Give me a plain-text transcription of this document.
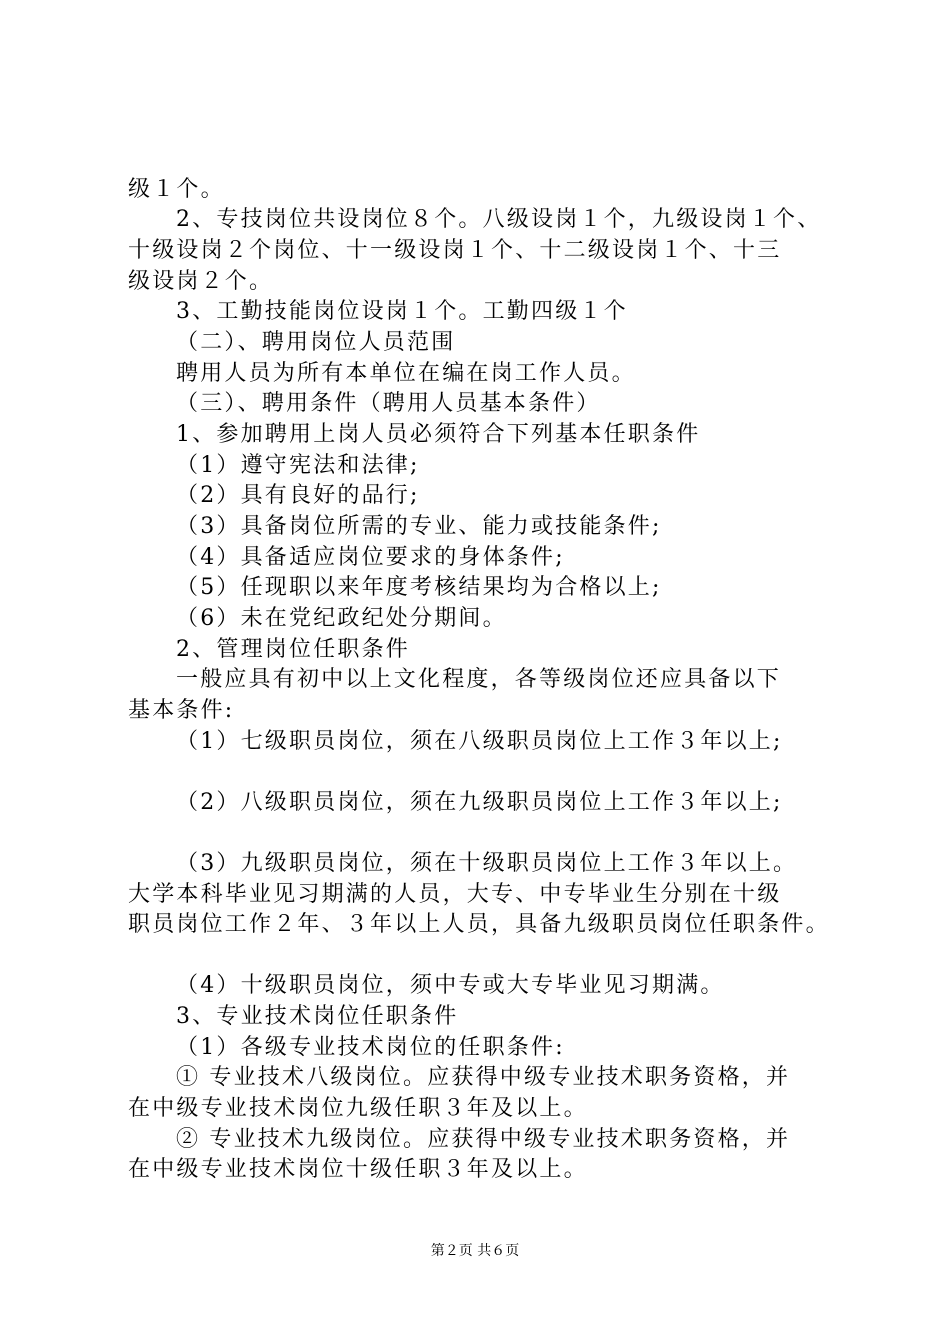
级１个。
2、专技岗位共设岗位８个。八级设岗１个，九级设岗１个、
十级设岗２个岗位、十一级设岗１个、十二级设岗１个、十三
级设岗２个。
3、工勤技能岗位设岗１个。工勤四级１个
（二）、聘用岗位人员范围
聘用人员为所有本单位在编在岗工作人员。
（三）、聘用条件（聘用人员基本条件）
1、参加聘用上岗人员必须符合下列基本任职条件
（1）遵守宪法和法律;
（2）具有良好的品行;
（3）具备岗位所需的专业、能力或技能条件;
（4）具备适应岗位要求的身体条件;
（5）任现职以来年度考核结果均为合格以上;
（6）未在党纪政纪处分期间。
2、管理岗位任职条件
一般应具有初中以上文化程度，各等级岗位还应具备以下
基本条件:
（1）七级职员岗位，须在八级职员岗位上工作３年以上;
（2）八级职员岗位，须在九级职员岗位上工作３年以上;
（3）九级职员岗位，须在十级职员岗位上工作３年以上。
大学本科毕业见习期满的人员，大专、中专毕业生分别在十级
职员岗位工作２年、３年以上人员，具备九级职员岗位任职条件。
（4）十级职员岗位，须中专或大专毕业见习期满。
3、专业技术岗位任职条件
（1）各级专业技术岗位的任职条件:
① 专业技术八级岗位。应获得中级专业技术职务资格，并
在中级专业技术岗位九级任职３年及以上。
② 专业技术九级岗位。应获得中级专业技术职务资格，并
在中级专业技术岗位十级任职３年及以上。
第２页 共６页
